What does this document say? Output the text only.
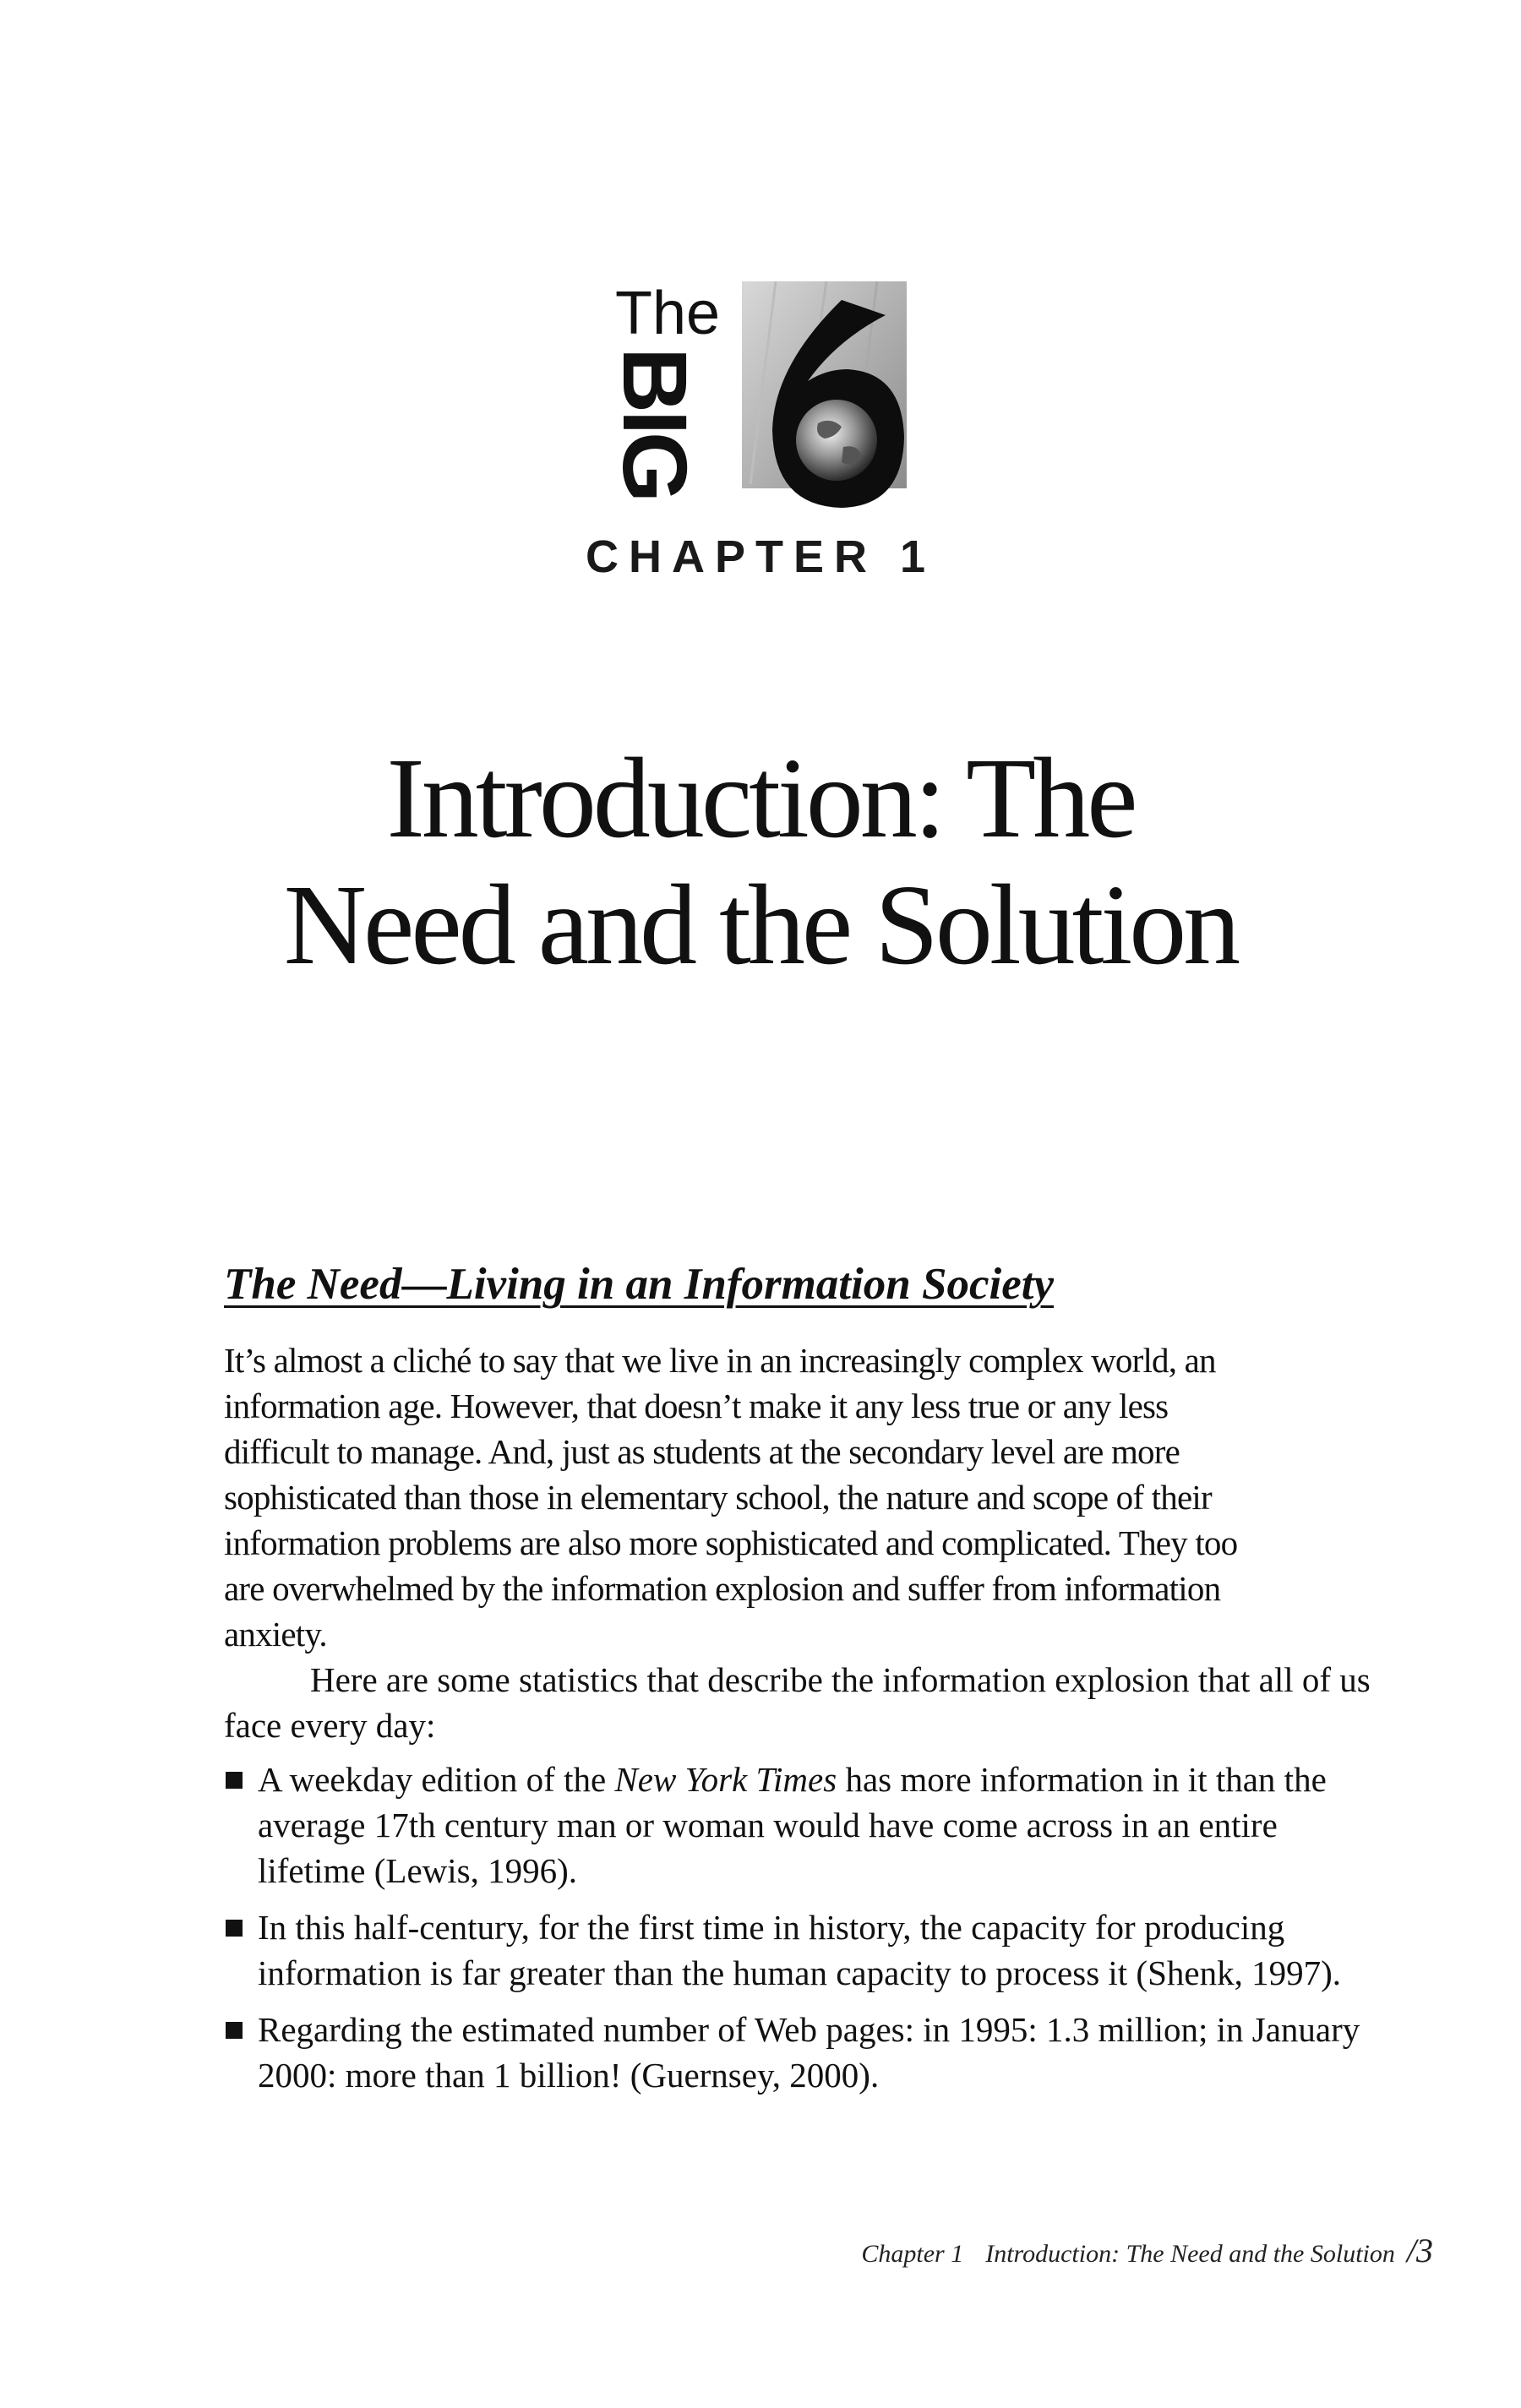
The
BIG
CHAPTER 1
Introduction: The
Need and the Solution
The Need—Living in an Information Society

It’s almost a cliché to say that we live in an increasingly complex world, an
information age. However, that doesn’t make it any less true or any less
difficult to manage. And, just as students at the secondary level are more
sophisticated than those in elementary school, the nature and scope of their
information problems are also more sophisticated and complicated. They too
are overwhelmed by the information explosion and suffer from information
anxiety.

Here are some statistics that describe the information explosion that all of us face every day:

A weekday edition of the New York Times has more information in it than the average 17th century man or woman would have come across in an entire lifetime (Lewis, 1996).
In this half-century, for the first time in history, the capacity for producing information is far greater than the human capacity to process it (Shenk, 1997).
Regarding the estimated number of Web pages: in 1995: 1.3 million; in January 2000: more than 1 billion! (Guernsey, 2000).
Chapter 1 Introduction: The Need and the Solution /3
